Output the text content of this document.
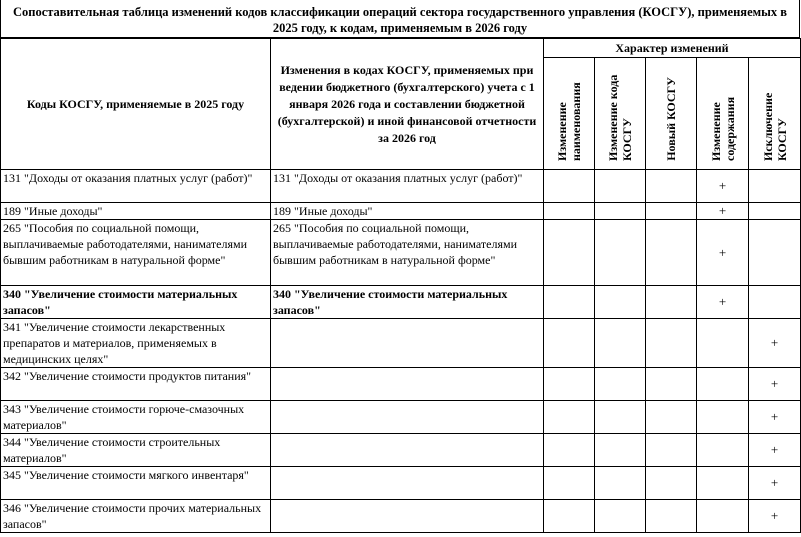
Сопоставительная таблица изменений кодов классификации операций сектора государственного управления (КОСГУ), применяемых в 2025 году, к кодам, применяемым в 2026 году
Коды КОСГУ, применяемые в 2025 году	Изменения в кодах КОСГУ, применяемых при ведении бюджетного (бухгалтерского) учета с 1 января 2026 года и составлении бюджетной (бухгалтерской) и иной финансовой отчетности за 2026 год	Характер изменений				
		Изменение наименования	Изменение кода КОСГУ	Новый КОСГУ	Изменение содержания	Исключение КОСГУ
131 "Доходы от оказания платных услуг (работ)"	131 "Доходы от оказания платных услуг (работ)"				+	
189 "Иные доходы"	189 "Иные доходы"				+	
265 "Пособия по социальной помощи, выплачиваемые работодателями, нанимателями бывшим работникам в натуральной форме"	265 "Пособия по социальной помощи, выплачиваемые работодателями, нанимателями бывшим работникам в натуральной форме"				+	
340 "Увеличение стоимости материальных запасов"	340 "Увеличение стоимости материальных запасов"				+	
341 "Увеличение стоимости лекарственных препаратов и материалов, применяемых в медицинских целях"						+
342 "Увеличение стоимости продуктов питания"						+
343 "Увеличение стоимости горюче-смазочных материалов"						+
344 "Увеличение стоимости строительных материалов"						+
345 "Увеличение стоимости мягкого инвентаря"						+
346 "Увеличение стоимости прочих материальных запасов"						+
